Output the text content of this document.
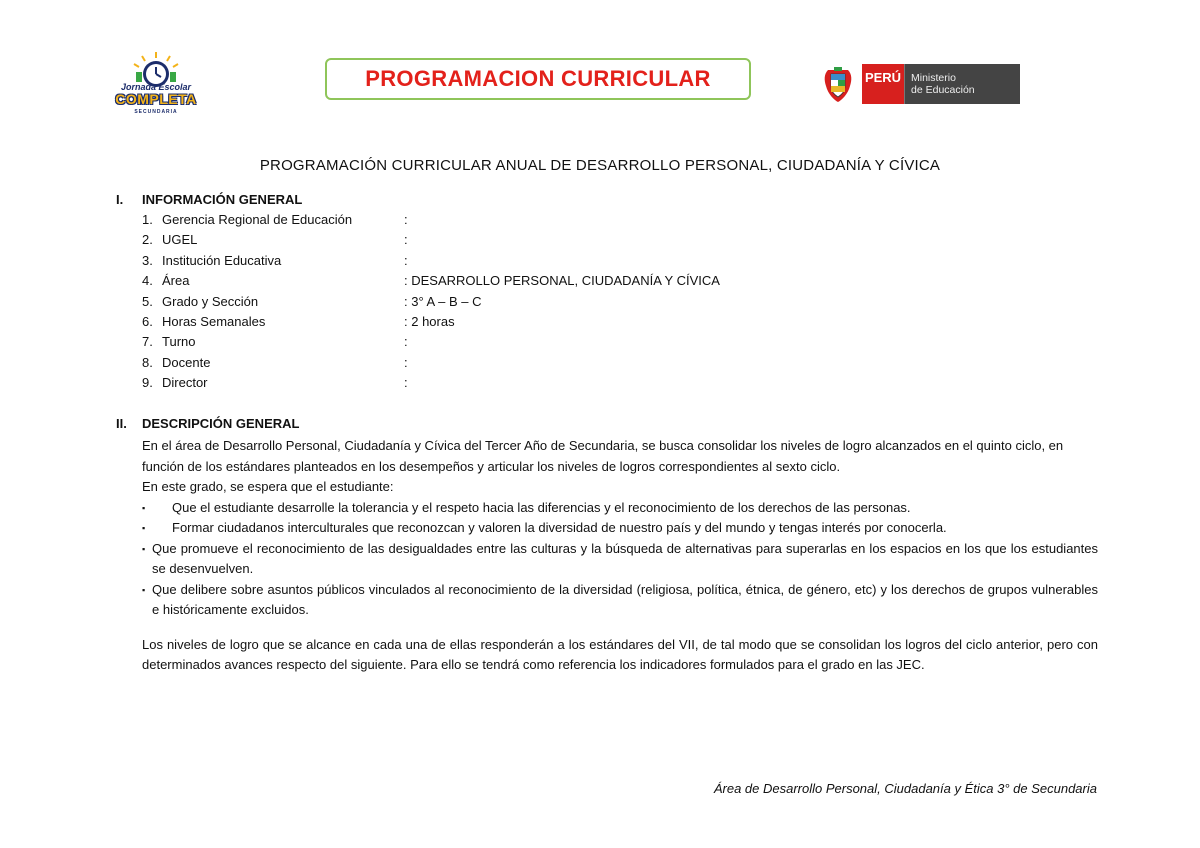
Jornada Escolar
COMPLETA
SECUNDARIA
PROGRAMACION CURRICULAR	PERÚ Ministerio
de Educación
PROGRAMACIÓN CURRICULAR ANUAL DE DESARROLLO PERSONAL, CIUDADANÍA Y CÍVICA
I. INFORMACIÓN GENERAL
1. Gerencia Regional de Educación	:
2. UGEL	:
3. Institución Educativa	:
4. Área	: DESARROLLO PERSONAL, CIUDADANÍA Y CÍVICA
5. Grado y Sección	: 3° A – B – C
6. Horas Semanales	: 2 horas
7. Turno	:
8. Docente	:
9. Director	:
II. DESCRIPCIÓN GENERAL

En el área de Desarrollo Personal, Ciudadanía y Cívica del Tercer Año de Secundaria, se busca consolidar los niveles de logro alcanzados en el quinto ciclo, en función de los estándares planteados en los desempeños y articular los niveles de logros correspondientes al sexto ciclo.

En este grado, se espera que el estudiante:

▪ Que el estudiante desarrolle la tolerancia y el respeto hacia las diferencias y el reconocimiento de los derechos de las personas.
▪ Formar ciudadanos interculturales que reconozcan y valoren la diversidad de nuestro país y del mundo y tengas interés por conocerla.
▪ Que promueve el reconocimiento de las desigualdades entre las culturas y la búsqueda de alternativas para superarlas en los espacios en los que los estudiantes se desenvuelven.
▪ Que delibere sobre asuntos públicos vinculados al reconocimiento de la diversidad (religiosa, política, étnica, de género, etc) y los derechos de grupos vulnerables e históricamente excluidos.

Los niveles de logro que se alcance en cada una de ellas responderán a los estándares del VII, de tal modo que se consolidan los logros del ciclo anterior, pero con determinados avances respecto del siguiente. Para ello se tendrá como referencia los indicadores formulados para el grado en las JEC.

Área de Desarrollo Personal, Ciudadanía y Ética 3° de Secundaria
